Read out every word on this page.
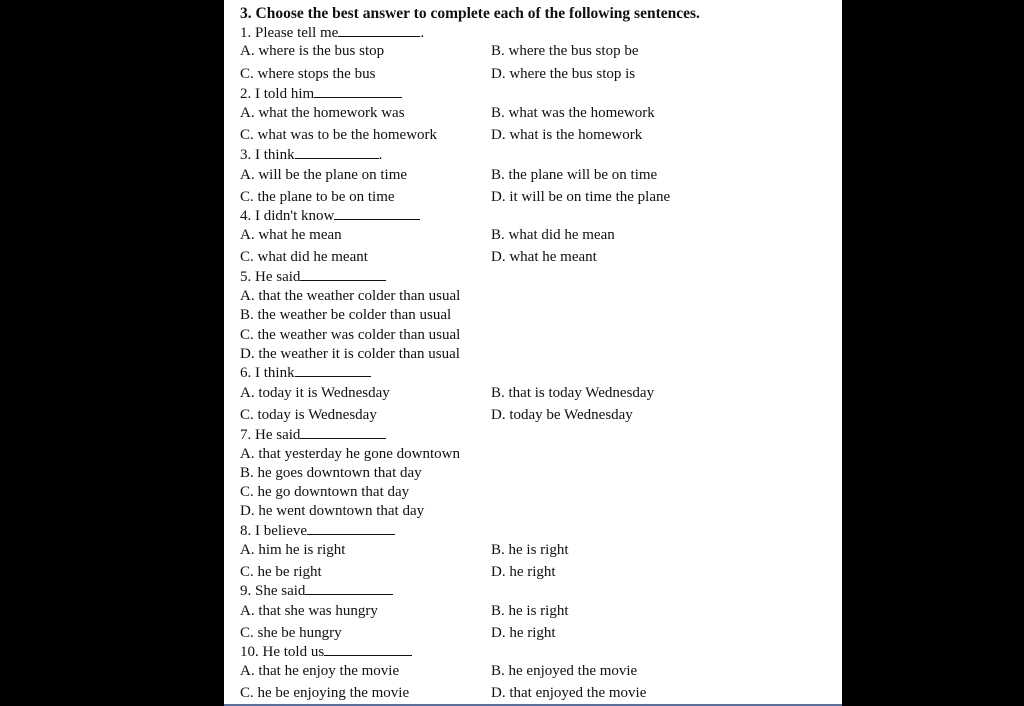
3. Choose the best answer to complete each of the following sentences.
1. Please tell me	.
A. where is the bus stop	B. where the bus stop be
C. where stops the bus	D. where the bus stop is
2. I told him
A. what the homework was	B. what was the homework
C. what was to be the homework	D. what is the homework
3. I think	.
A. will be the plane on time	B. the plane will be on time
C. the plane to be on time	D. it will be on time the plane
4. I didn't know
A. what he mean	B. what did he mean
C. what did he meant	D. what he meant
5. He said
A. that the weather colder than usual
B. the weather be colder than usual
C. the weather was colder than usual
D. the weather it is colder than usual
6. I think
A. today it is Wednesday	B. that is today Wednesday
C. today is Wednesday	D. today be Wednesday
7. He said
A. that yesterday he gone downtown
B. he goes downtown that day
C. he go downtown that day
D. he went downtown that day
8. I believe
A. him he is right	B. he is right
C. he be right	D. he right
9. She said
A. that she was hungry	B. he is right
C. she be hungry	D. he right
10. He told us
A. that he enjoy the movie	B. he enjoyed the movie
C. he be enjoying the movie	D. that enjoyed the movie
